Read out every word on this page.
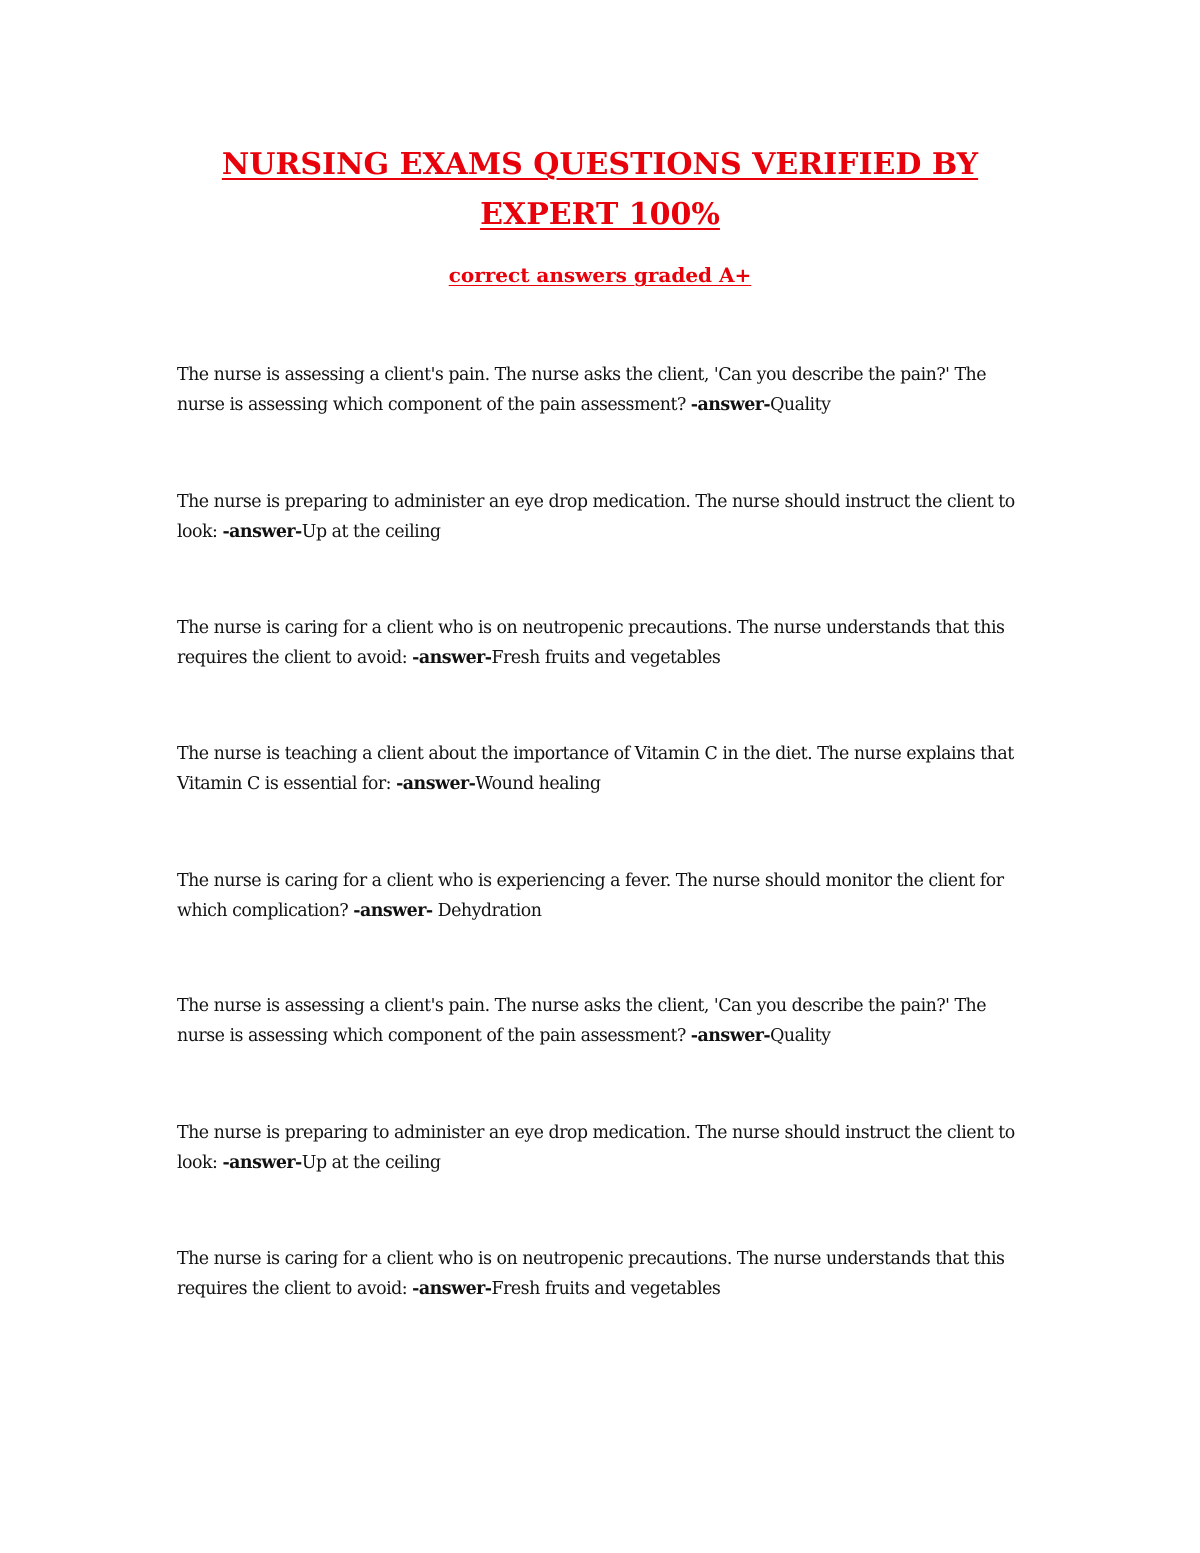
NURSING EXAMS QUESTIONS VERIFIED BY EXPERT 100%
correct answers graded A+

The nurse is assessing a client's pain. The nurse asks the client, 'Can you describe the pain?' The nurse is assessing which component of the pain assessment? -answer-Quality

The nurse is preparing to administer an eye drop medication. The nurse should instruct the client to look: -answer-Up at the ceiling

The nurse is caring for a client who is on neutropenic precautions. The nurse understands that this requires the client to avoid: -answer-Fresh fruits and vegetables

The nurse is teaching a client about the importance of Vitamin C in the diet. The nurse explains that Vitamin C is essential for: -answer-Wound healing

The nurse is caring for a client who is experiencing a fever. The nurse should monitor the client for which complication? -answer- Dehydration

The nurse is assessing a client's pain. The nurse asks the client, 'Can you describe the pain?' The nurse is assessing which component of the pain assessment? -answer-Quality

The nurse is preparing to administer an eye drop medication. The nurse should instruct the client to look: -answer-Up at the ceiling

The nurse is caring for a client who is on neutropenic precautions. The nurse understands that this requires the client to avoid: -answer-Fresh fruits and vegetables
